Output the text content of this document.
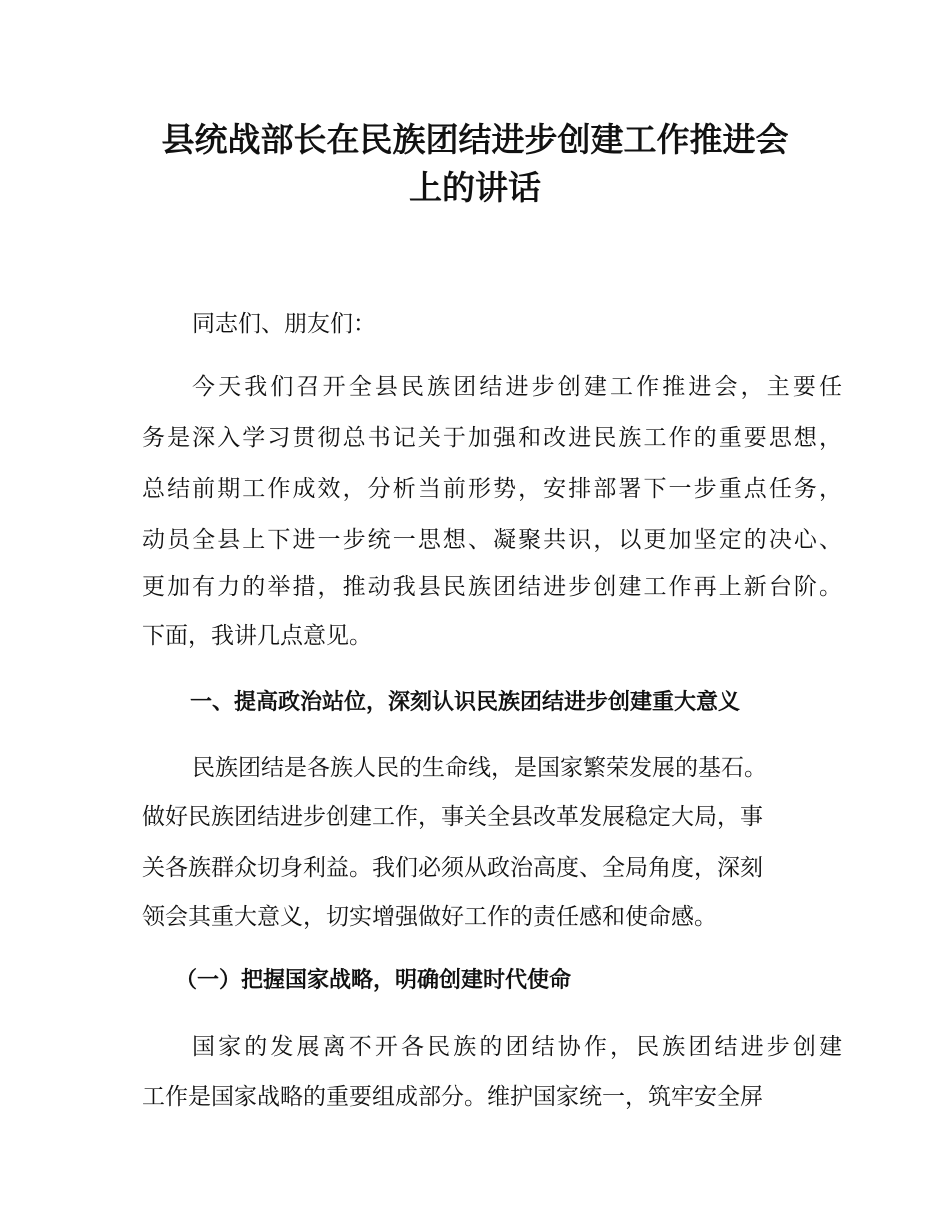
县统战部长在民族团结进步创建工作推进会
上的讲话

同志们、朋友们：

今天我们召开全县民族团结进步创建工作推进会，主要任

务是深入学习贯彻总书记关于加强和改进民族工作的重要思想，

总结前期工作成效，分析当前形势，安排部署下一步重点任务，

动员全县上下进一步统一思想、凝聚共识，以更加坚定的决心、

更加有力的举措，推动我县民族团结进步创建工作再上新台阶。

下面，我讲几点意见。

一、提高政治站位，深刻认识民族团结进步创建重大意义

民族团结是各族人民的生命线，是国家繁荣发展的基石。

做好民族团结进步创建工作，事关全县改革发展稳定大局，事

关各族群众切身利益。我们必须从政治高度、全局角度，深刻

领会其重大意义，切实增强做好工作的责任感和使命感。

（一）把握国家战略，明确创建时代使命

国家的发展离不开各民族的团结协作，民族团结进步创建

工作是国家战略的重要组成部分。维护国家统一，筑牢安全屏
